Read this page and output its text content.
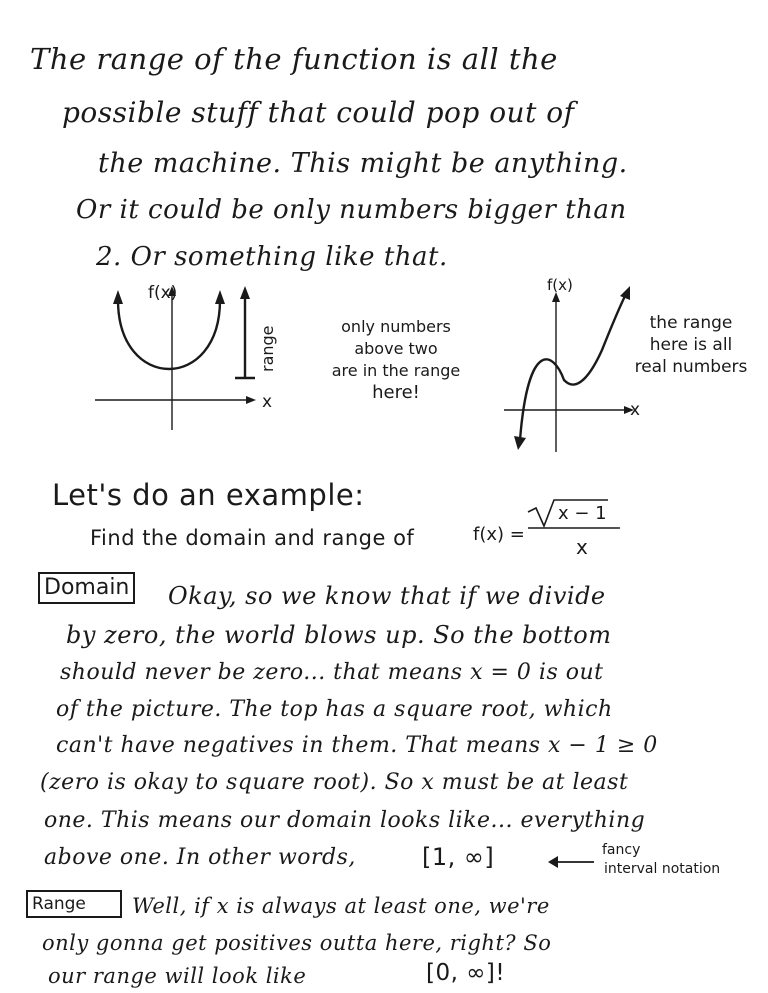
The range of the function is all the
possible stuff that could pop out of
the machine. This might be anything.
Or it could be only numbers bigger than
2. Or something like that.
f(x)
x
range	only numbers
above two
are in the range
here!
f(x)
x
the range
here is all
real numbers
Let's do an example:
Find the domain and range of	f(x) =
x − 1
x
Domain Okay, so we know that if we divide
by zero, the world blows up. So the bottom
should never be zero... that means x = 0 is out
of the picture. The top has a square root, which
can't have negatives in them. That means x − 1 ≥ 0
(zero is okay to square root). So x must be at least
one. This means our domain looks like... everything
above one. In other words,	[1, ∞]	fancy
interval notation
Range	Well, if x is always at least one, we're
only gonna get positives outta here, right? So
our range will look like	[0, ∞]!
